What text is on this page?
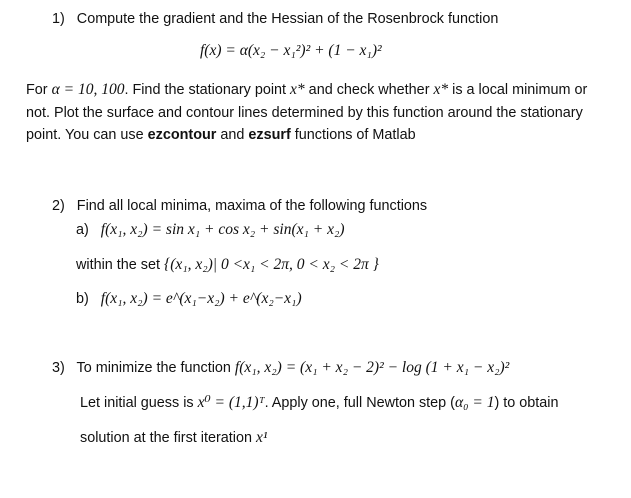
1) Compute the gradient and the Hessian of the Rosenbrock function
f(x) = α(x₂ − x₁²)² + (1 − x₁)²
For α = 10, 100. Find the stationary point x* and check whether x* is a local minimum or
not. Plot the surface and contour lines determined by this function around the stationary
point. You can use ezcontour and ezsurf functions of Matlab
2) Find all local minima, maxima of the following functions
a) f(x₁, x₂) = sin x₁ + cos x₂ + sin(x₁ + x₂)
within the set {(x₁, x₂)| 0 <x₁ < 2π, 0 < x₂ < 2π }
b) f(x₁, x₂) = e^(x₁−x₂) + e^(x₂−x₁)
3) To minimize the function f(x₁, x₂) = (x₁ + x₂ − 2)² − log (1 + x₁ − x₂)²
Let initial guess is x⁰ = (1,1)ᵀ. Apply one, full Newton step (α₀ = 1) to obtain
solution at the first iteration x¹
